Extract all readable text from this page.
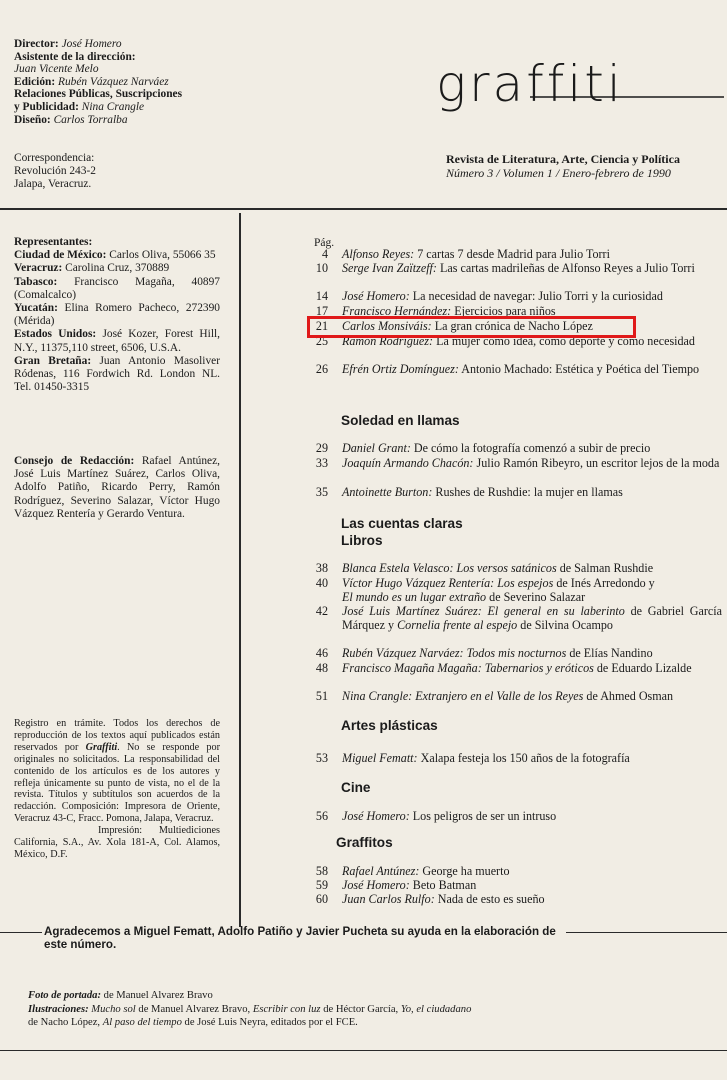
Director: José Homero
Asistente de la dirección:
Juan Vicente Melo
Edición: Rubén Vázquez Narváez
Relaciones Públicas, Suscripciones
y Publicidad: Nina Crangle
Diseño: Carlos Torralba
Correspondencia:
Revolución 243-2
Jalapa, Veracruz.
graffiti
Revista de Literatura, Arte, Ciencia y Política
Número 3 / Volumen 1 / Enero-febrero de 1990
Representantes:
Ciudad de México: Carlos Oliva, 55066 35
Veracruz: Carolina Cruz, 370889
Tabasco: Francisco Magaña, 40897 (Comalcalco)
Yucatán: Elina Romero Pacheco, 272390 (Mérida)
Estados Unidos: José Kozer, Forest Hill, N.Y., 11375,110 street, 6506, U.S.A.
Gran Bretaña: Juan Antonio Masoliver Ródenas, 116 Fordwich Rd. London NL. Tel. 01450-3315
Consejo de Redacción: Rafael Antúnez, José Luis Martínez Suárez, Carlos Oliva, Adolfo Patiño, Ricardo Perry, Ramón Rodríguez, Severino Salazar, Víctor Hugo Vázquez Rentería y Gerardo Ventura.
Registro en trámite. Todos los derechos de reproducción de los textos aquí publicados están reservados por Graffiti. No se responde por originales no solicitados. La responsabilidad del contenido de los artículos es de los autores y refleja únicamente su punto de vista, no el de la revista. Títulos y subtítulos son acuerdos de la redacción. Composición: Impresora de Oriente, Veracruz 43-C, Fracc. Pomona, Jalapa, Veracruz.
Impresión: Multiediciones California, S.A., Av. Xola 181-A, Col. Alamos, México, D.F.
Pág.
4 Alfonso Reyes: 7 cartas 7 desde Madrid para Julio Torri
10 Serge Ivan Zaïtzeff: Las cartas madrileñas de Alfonso Reyes a Julio Torri
14 José Homero: La necesidad de navegar: Julio Torri y la curiosidad
17 Francisco Hernández: Ejercicios para niños
21 Carlos Monsiváis: La gran crónica de Nacho López
25 Ramón Rodríguez: La mujer como idea, como deporte y como necesidad
26 Efrén Ortiz Domínguez: Antonio Machado: Estética y Poética del Tiempo
29 Daniel Grant: De cómo la fotografía comenzó a subir de precio
33 Joaquín Armando Chacón: Julio Ramón Ribeyro, un escritor lejos de la moda
35 Antoinette Burton: Rushes de Rushdie: la mujer en llamas
38 Blanca Estela Velasco: Los versos satánicos de Salman Rushdie
40 Víctor Hugo Vázquez Rentería: Los espejos de Inés Arredondo y
El mundo es un lugar extraño de Severino Salazar
42 José Luis Martínez Suárez: El general en su laberinto de Gabriel García Márquez y Cornelia frente al espejo de Silvina Ocampo
46 Rubén Vázquez Narváez: Todos mis nocturnos de Elías Nandino
48 Francisco Magaña Magaña: Tabernarios y eróticos de Eduardo Lizalde
51 Nina Crangle: Extranjero en el Valle de los Reyes de Ahmed Osman
53 Miguel Fematt: Xalapa festeja los 150 años de la fotografía
56 José Homero: Los peligros de ser un intruso
58 Rafael Antúnez: George ha muerto
59 José Homero: Beto Batman
60 Juan Carlos Rulfo: Nada de esto es sueño
Soledad en llamas
Las cuentas claras
Libros
Artes plásticas
Cine
Graffitos
Agradecemos a Miguel Fematt, Adolfo Patiño y Javier Pucheta su ayuda en la elaboración de este número.
Foto de portada: de Manuel Alvarez Bravo
Ilustraciones: Mucho sol de Manuel Alvarez Bravo, Escribir con luz de Héctor García, Yo, el ciudadano
de Nacho López, Al paso del tiempo de José Luis Neyra, editados por el FCE.
